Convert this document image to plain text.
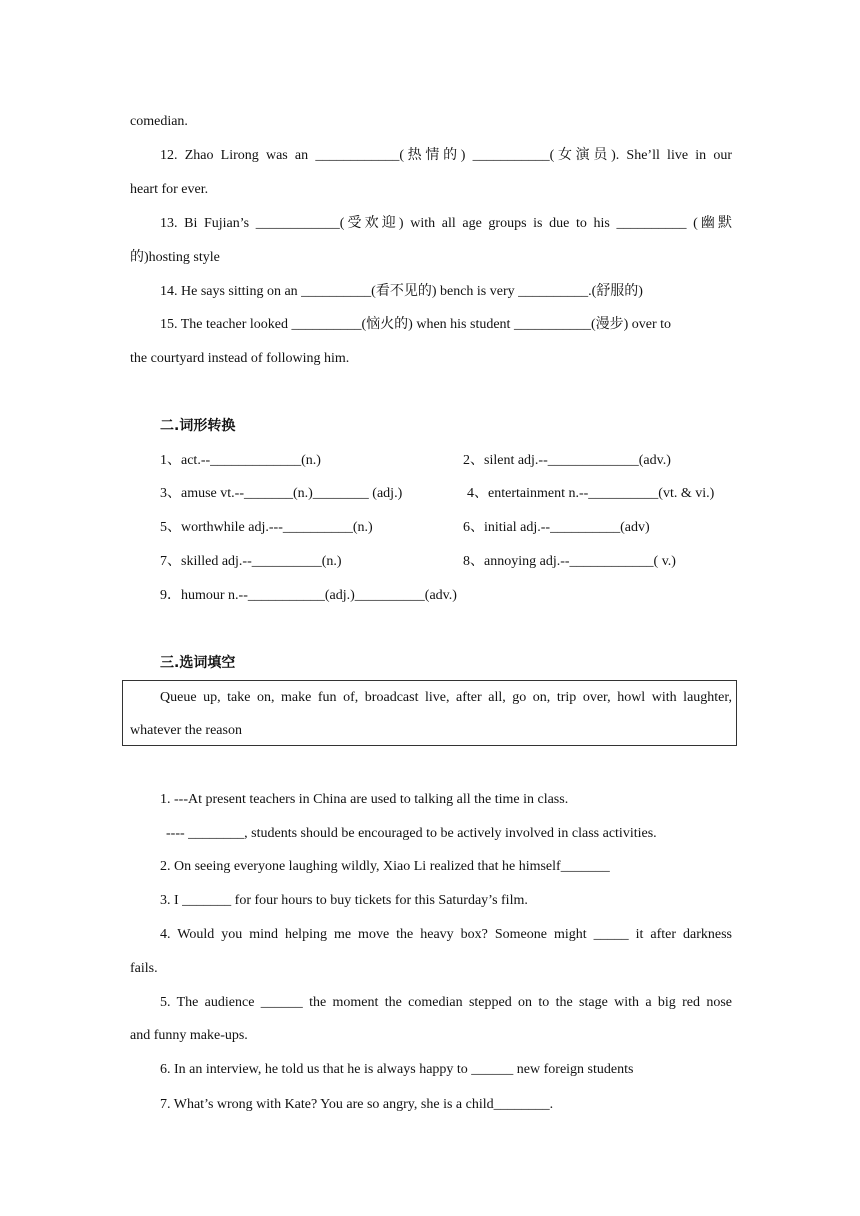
comedian.
12. Zhao Lirong was an ____________(热情的) ___________(女演员). She’ll live in our
heart for ever.
13. Bi Fujian’s ____________(受欢迎) with all age groups is due to his __________ (幽默
的)hosting style
14. He says sitting on an __________(看不见的) bench is very __________.(舒服的)
15. The teacher looked __________(恼火的) when his student ___________(漫步) over to
the courtyard instead of following him.
二.词形转换
1、act.--_____________(n.)	2、silent adj.--_____________(adv.)
3、amuse vt.--_______(n.)________ (adj.)	4、entertainment n.--__________(vt. & vi.)
5、worthwhile adj.---__________(n.)	6、initial adj.--__________(adv)
7、skilled adj.--__________(n.)	8、annoying adj.--____________( v.)
9．humour n.--___________(adj.)__________(adv.)
三.选词填空
Queue up, take on, make fun of, broadcast live, after all, go on, trip over, howl with laughter,
whatever the reason
1. ---At present teachers in China are used to talking all the time in class.
---- ________, students should be encouraged to be actively involved in class activities.
2. On seeing everyone laughing wildly, Xiao Li realized that he himself_______
3. I _______ for four hours to buy tickets for this Saturday’s film.
4. Would you mind helping me move the heavy box? Someone might _____ it after darkness
fails.
5. The audience ______ the moment the comedian stepped on to the stage with a big red nose
and funny make-ups.
6. In an interview, he told us that he is always happy to ______ new foreign students
7. What’s wrong with Kate? You are so angry, she is a child________.
